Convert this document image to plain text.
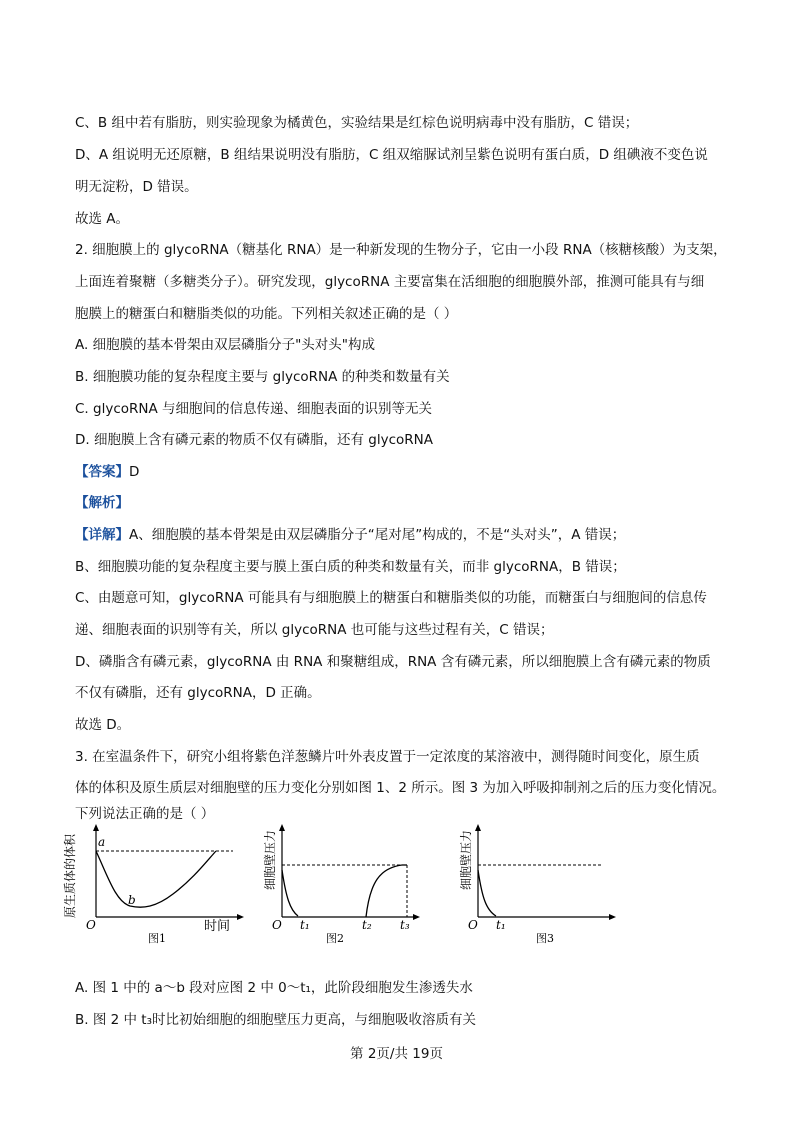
C、B 组中若有脂肪，则实验现象为橘黄色，实验结果是红棕色说明病毒中没有脂肪，C 错误；
D、A 组说明无还原糖，B 组结果说明没有脂肪，C 组双缩脲试剂呈紫色说明有蛋白质，D 组碘液不变色说
明无淀粉，D 错误。
故选 A。
2. 细胞膜上的 glycoRNA（糖基化 RNA）是一种新发现的生物分子，它由一小段 RNA（核糖核酸）为支架，
上面连着聚糖（多糖类分子）。研究发现，glycoRNA 主要富集在活细胞的细胞膜外部，推测可能具有与细
胞膜上的糖蛋白和糖脂类似的功能。下列相关叙述正确的是（ ）
A. 细胞膜的基本骨架由双层磷脂分子"头对头"构成
B. 细胞膜功能的复杂程度主要与 glycoRNA 的种类和数量有关
C. glycoRNA 与细胞间的信息传递、细胞表面的识别等无关
D. 细胞膜上含有磷元素的物质不仅有磷脂，还有 glycoRNA
【答案】D
【解析】
【详解】A、细胞膜的基本骨架是由双层磷脂分子“尾对尾”构成的，不是“头对头”，A 错误；
B、细胞膜功能的复杂程度主要与膜上蛋白质的种类和数量有关，而非 glycoRNA，B 错误；
C、由题意可知，glycoRNA 可能具有与细胞膜上的糖蛋白和糖脂类似的功能，而糖蛋白与细胞间的信息传
递、细胞表面的识别等有关，所以 glycoRNA 也可能与这些过程有关，C 错误；
D、磷脂含有磷元素，glycoRNA 由 RNA 和聚糖组成，RNA 含有磷元素，所以细胞膜上含有磷元素的物质
不仅有磷脂，还有 glycoRNA，D 正确。
故选 D。
3. 在室温条件下，研究小组将紫色洋葱鳞片叶外表皮置于一定浓度的某溶液中，测得随时间变化，原生质
体的体积及原生质层对细胞壁的压力变化分别如图 1、2 所示。图 3 为加入呼吸抑制剂之后的压力变化情况。
下列说法正确的是（ ）
a
b
O	时间
图1
原生质体的体积
O t₁	t₂ t₃
图2
细胞壁压力
O t₁
图3
细胞壁压力
A. 图 1 中的 a～b 段对应图 2 中 0～t₁，此阶段细胞发生渗透失水
B. 图 2 中 t₃时比初始细胞的细胞壁压力更高，与细胞吸收溶质有关
第 2页/共 19页
